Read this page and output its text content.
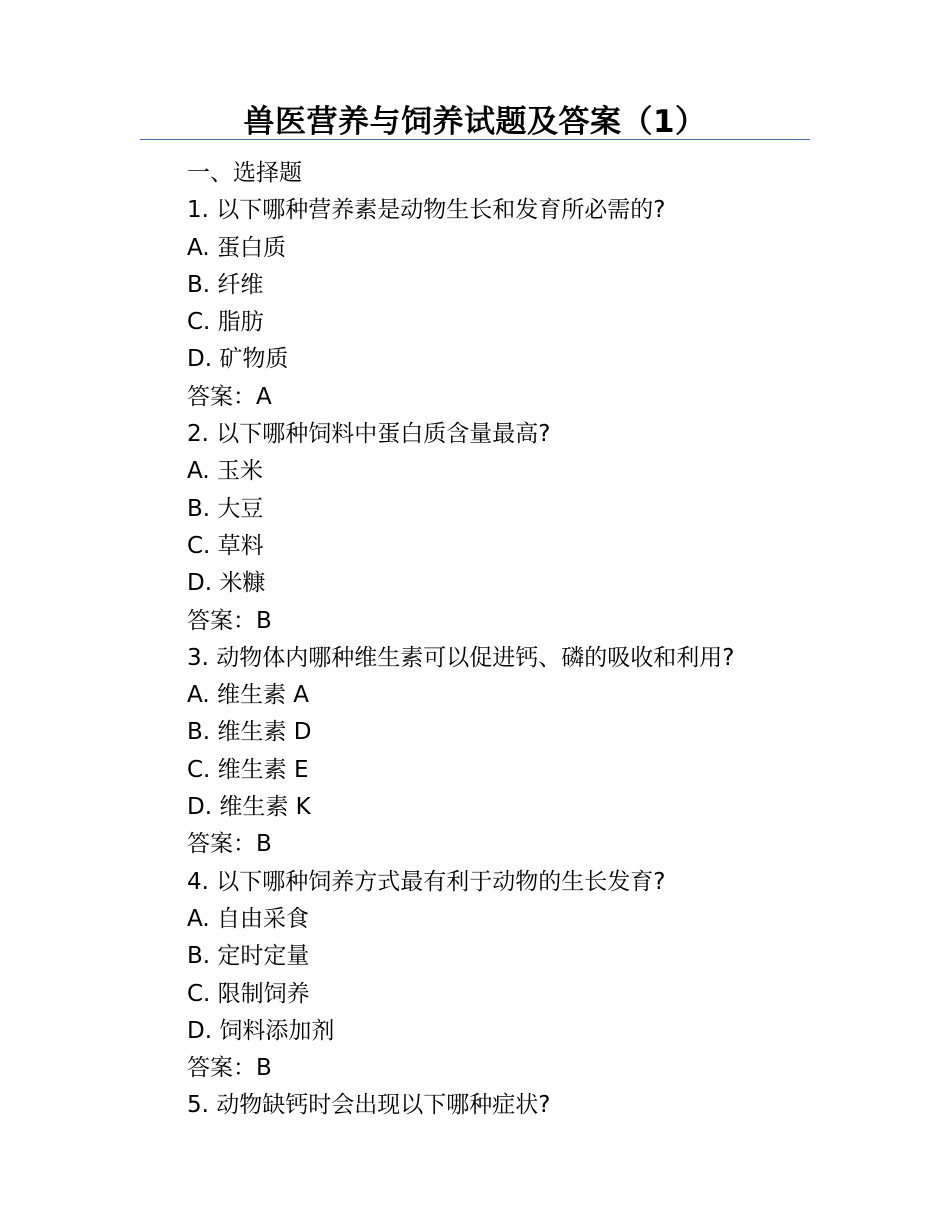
兽医营养与饲养试题及答案（1）
一、选择题
1. 以下哪种营养素是动物生长和发育所必需的?
A. 蛋白质
B. 纤维
C. 脂肪
D. 矿物质
答案：A
2. 以下哪种饲料中蛋白质含量最高?
A. 玉米
B. 大豆
C. 草料
D. 米糠
答案：B
3. 动物体内哪种维生素可以促进钙、磷的吸收和利用?
A. 维生素 A
B. 维生素 D
C. 维生素 E
D. 维生素 K
答案：B
4. 以下哪种饲养方式最有利于动物的生长发育?
A. 自由采食
B. 定时定量
C. 限制饲养
D. 饲料添加剂
答案：B
5. 动物缺钙时会出现以下哪种症状?
